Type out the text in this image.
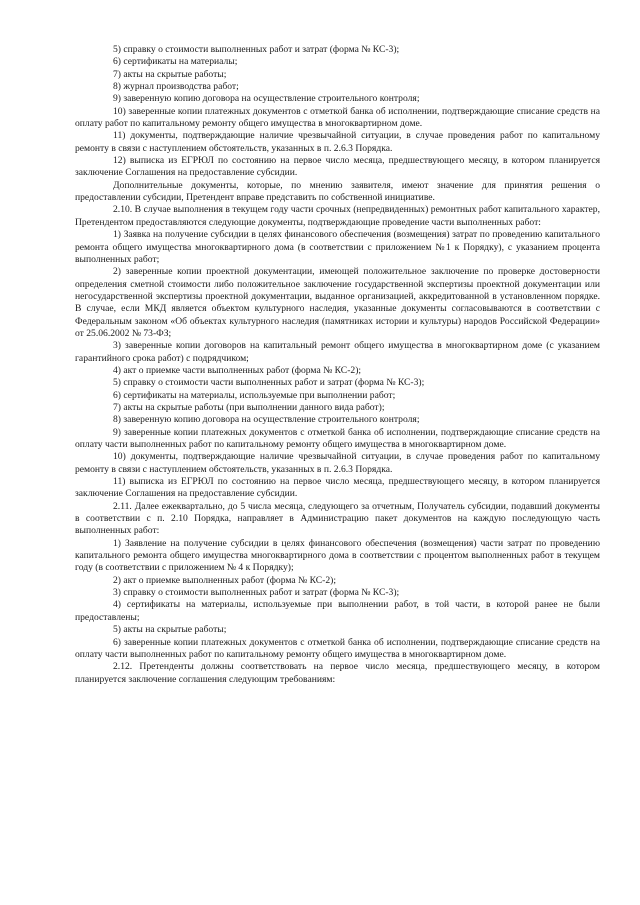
5) справку о стоимости выполненных работ и затрат (форма № КС-3);

6) сертификаты на материалы;

7) акты на скрытые работы;

8) журнал производства работ;

9) заверенную копию договора на осуществление строительного контроля;

10) заверенные копии платежных документов с отметкой банка об исполнении, подтверждающие списание средств на оплату работ по капитальному ремонту общего имущества в многоквартирном доме.

11) документы, подтверждающие наличие чрезвычайной ситуации, в случае проведения работ по капитальному ремонту в связи с наступлением обстоятельств, указанных в п. 2.6.3 Порядка.

12) выписка из ЕГРЮЛ по состоянию на первое число месяца, предшествующего месяцу, в котором планируется заключение Соглашения на предоставление субсидии.

Дополнительные документы, которые, по мнению заявителя, имеют значение для принятия решения о предоставлении субсидии, Претендент вправе представить по собственной инициативе.

2.10. В случае выполнения в текущем году части срочных (непредвиденных) ремонтных работ капитального характер, Претендентом предоставляются следующие документы, подтверждающие проведение части выполненных работ:

1) Заявка на получение субсидии в целях финансового обеспечения (возмещения) затрат по проведению капитального ремонта общего имущества многоквартирного дома (в соответствии с приложением №1 к Порядку), с указанием процента выполненных работ;

2) заверенные копии проектной документации, имеющей положительное заключение по проверке достоверности определения сметной стоимости либо положительное заключение государственной экспертизы проектной документации или негосударственной экспертизы проектной документации, выданное организацией, аккредитованной в установленном порядке. В случае, если МКД является объектом культурного наследия, указанные документы согласовываются в соответствии с Федеральным законом «Об объектах культурного наследия (памятниках истории и культуры) народов Российской Федерации» от 25.06.2002 № 73-ФЗ;

3) заверенные копии договоров на капитальный ремонт общего имущества в многоквартирном доме (с указанием гарантийного срока работ) с подрядчиком;

4) акт о приемке части выполненных работ (форма № КС-2);

5) справку о стоимости части выполненных работ и затрат (форма № КС-3);

6) сертификаты на материалы, используемые при выполнении работ;

7) акты на скрытые работы (при выполнении данного вида работ);

8) заверенную копию договора на осуществление строительного контроля;

9) заверенные копии платежных документов с отметкой банка об исполнении, подтверждающие списание средств на оплату части выполненных работ по капитальному ремонту общего имущества в многоквартирном доме.

10) документы, подтверждающие наличие чрезвычайной ситуации, в случае проведения работ по капитальному ремонту в связи с наступлением обстоятельств, указанных в п. 2.6.3 Порядка.

11) выписка из ЕГРЮЛ по состоянию на первое число месяца, предшествующего месяцу, в котором планируется заключение Соглашения на предоставление субсидии.

2.11. Далее ежеквартально, до 5 числа месяца, следующего за отчетным, Получатель субсидии, подавший документы в соответствии с п. 2.10 Порядка, направляет в Администрацию пакет документов на каждую последующую часть выполненных работ:

1) Заявление на получение субсидии в целях финансового обеспечения (возмещения) части затрат по проведению капитального ремонта общего имущества многоквартирного дома в соответствии с процентом выполненных работ в текущем году (в соответствии с приложением № 4 к Порядку);

2) акт о приемке выполненных работ (форма № КС-2);

3) справку о стоимости выполненных работ и затрат (форма № КС-3);

4) сертификаты на материалы, используемые при выполнении работ, в той части, в которой ранее не были предоставлены;

5) акты на скрытые работы;

6) заверенные копии платежных документов с отметкой банка об исполнении, подтверждающие списание средств на оплату части выполненных работ по капитальному ремонту общего имущества в многоквартирном доме.

2.12. Претенденты должны соответствовать на первое число месяца, предшествующего месяцу, в котором планируется заключение соглашения следующим требованиям:
